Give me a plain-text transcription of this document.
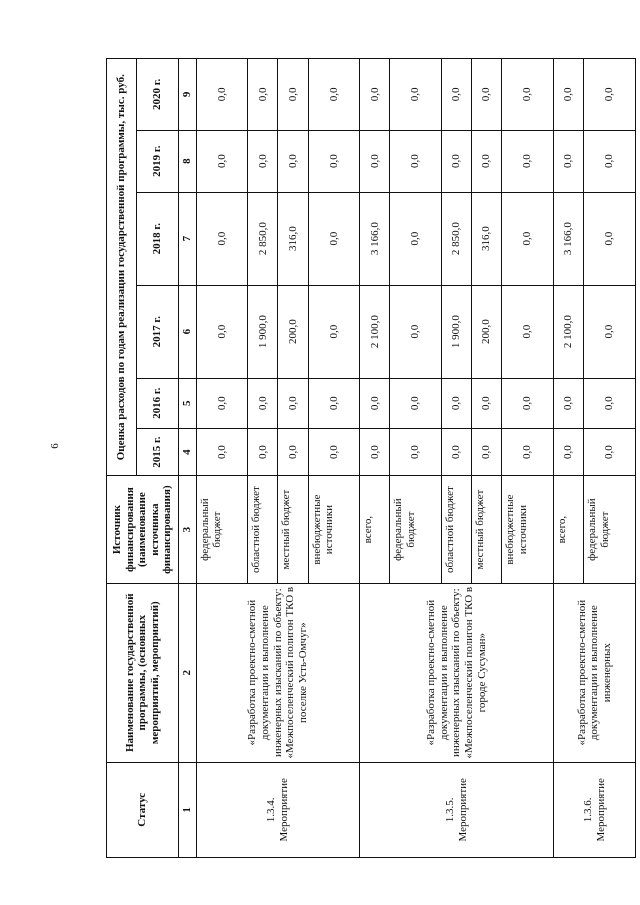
6
Статус	Наименование государственной программы, (основных мероприятий, мероприятий)	Источник финансирования (наименование источника финансирования)	Оценка расходов по годам реализации государственной программы, тыс. руб.					
			2015 г.	2016 г.	2017 г.	2018 г.	2019 г.	2020 г.
1	2	3	4	5	6	7	8	9
1.3.4.
Мероприятие	«Разработка проектно-сметной документации и выполнение инженерных изысканий по объекту: «Межпоселенческий полигон ТКО в поселке Усть-Омчуг»	федеральный бюджет	0,0	0,0	0,0	0,0	0,0	0,0
		областной бюджет	0,0	0,0	1 900,0	2 850,0	0,0	0,0
		местный бюджет	0,0	0,0	200,0	316,0	0,0	0,0
		внебюджетные источники	0,0	0,0	0,0	0,0	0,0	0,0
1.3.5.
Мероприятие	«Разработка проектно-сметной документации и выполнение инженерных изысканий по объекту: «Межпоселенческий полигон ТКО в городе Сусуман»	всего,	0,0	0,0	2 100,0	3 166,0	0,0	0,0
		федеральный бюджет	0,0	0,0	0,0	0,0	0,0	0,0
		областной бюджет	0,0	0,0	1 900,0	2 850,0	0,0	0,0
		местный бюджет	0,0	0,0	200,0	316,0	0,0	0,0
		внебюджетные источники	0,0	0,0	0,0	0,0	0,0	0,0
1.3.6.
Мероприятие	«Разработка проектно-сметной документации и выполнение инженерных	всего,	0,0	0,0	2 100,0	3 166,0	0,0	0,0
		федеральный бюджет	0,0	0,0	0,0	0,0	0,0	0,0
